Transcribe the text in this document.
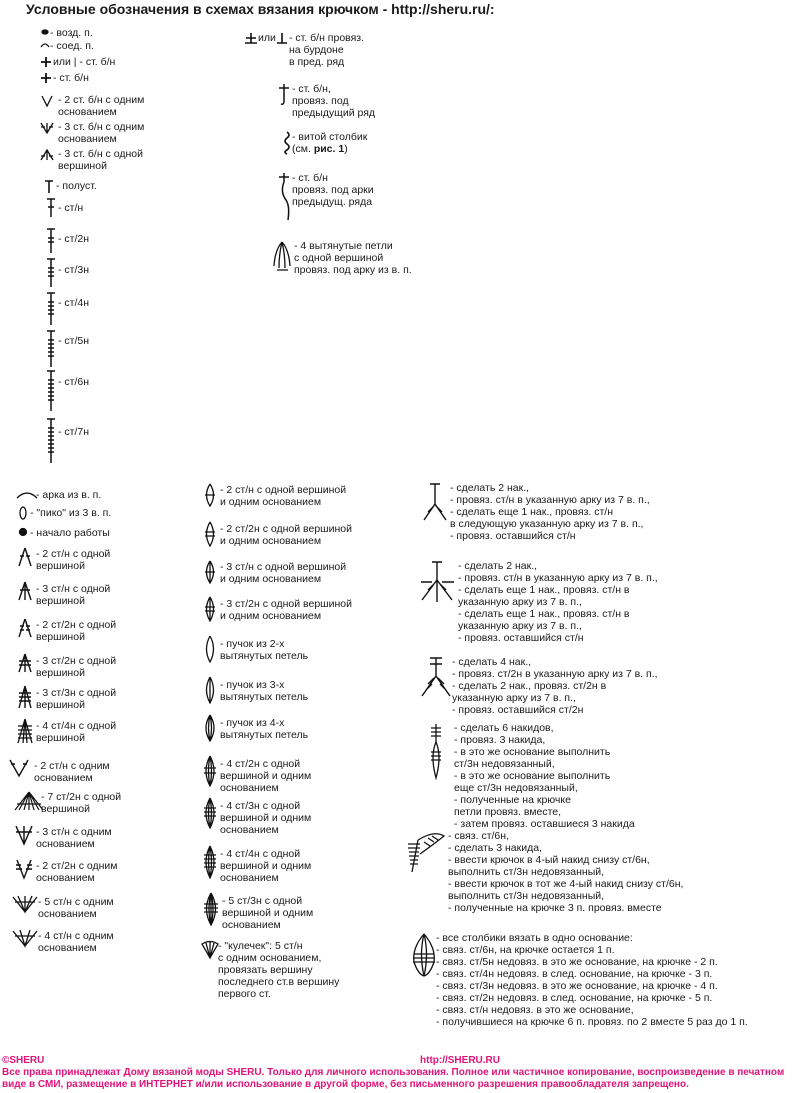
Условные обозначения в схемах вязания крючком - http://sheru.ru/:
- возд. п.
- соед. п.
или | - ст. б/н
- ст. б/н
- 2 ст. б/н с одним
основанием
- 3 ст. б/н с одним
основанием
- 3 ст. б/н с одной
вершиной
- полуст.
- ст/н
- ст/2н
- ст/3н
- ст/4н
- ст/5н
- ст/6н
- ст/7н
или - ст. б/н провяз.
на бурдоне
в пред. ряд
- ст. б/н,
провяз. под
предыдущий ряд
- витой столбик
(см. рис. 1)
- ст. б/н
провяз. под арки
предыдущ. ряда
- 4 вытянутые петли
с одной вершиной
провяз. под арку из в. п.
- арка из в. п.
- "пико" из 3 в. п.
- начало работы
- 2 ст/н с одной
вершиной
- 3 ст/н с одной
вершиной
- 2 ст/2н с одной
вершиной
- 3 ст/2н с одной
вершиной
- 3 ст/3н с одной
вершиной
- 4 ст/4н с одной
вершиной
- 2 ст/н с одним
основанием
- 7 ст/2н с одной
вершиной
- 3 ст/н с одним
основанием
- 2 ст/2н с одним
основанием
- 5 ст/н с одним
основанием
- 4 ст/н с одним
основанием
- 2 ст/н с одной вершиной
и одним основанием
- 2 ст/2н с одной вершиной
и одним основанием
- 3 ст/н с одной вершиной
и одним основанием
- 3 ст/2н с одной вершиной
и одним основанием
- пучок из 2-х
вытянутых петель
- пучок из 3-х
вытянутых петель
- пучок из 4-х
вытянутых петель
- 4 ст/2н с одной
вершиной и одним
основанием
- 4 ст/3н с одной
вершиной и одним
основанием
- 4 ст/4н с одной
вершиной и одним
основанием
- 5 ст/3н с одной
вершиной и одним
основанием
- "кулечек": 5 ст/н
с одним основанием,
провязать вершину
последнего ст.в вершину
первого ст.
- сделать 2 нак.,
- провяз. ст/н в указанную арку из 7 в. п.,
- сделать еще 1 нак., провяз. ст/н
в следующую указанную арку из 7 в. п.,
- провяз. оставшийся ст/н
- сделать 2 нак.,
- провяз. ст/н в указанную арку из 7 в. п.,
- сделать еще 1 нак., провяз. ст/н в
указанную арку из 7 в. п.,
- сделать еще 1 нак., провяз. ст/н в
указанную арку из 7 в. п.,
- провяз. оставшийся ст/н
- сделать 4 нак.,
- провяз. ст/2н в указанную арку из 7 в. п.,
- сделать 2 нак., провяз. ст/2н в
указанную арку из 7 в. п.,
- провяз. оставшийся ст/2н
- сделать 6 накидов,
- провяз. 3 накида,
- в это же основание выполнить
ст/3н недовязанный,
- в это же основание выполнить
еще ст/3н недовязанный,
- полученные на крючке
петли провяз. вместе,
- затем провяз. оставшиеся 3 накида
- связ. ст/6н,
- сделать 3 накида,
- ввести крючок в 4-ый накид снизу ст/6н,
выполнить ст/3н недовязанный,
- ввести крючок в тот же 4-ый накид снизу ст/6н,
выполнить ст/3н недовязанный,
- полученные на крючке 3 п. провяз. вместе
- все столбики вязать в одно основание:
- связ. ст/6н, на крючке остается 1 п.
- связ. ст/5н недовяз. в это же основание, на крючке - 2 п.
- связ. ст/4н недовяз. в след. основание, на крючке - 3 п.
- связ. ст/3н недовяз. в это же основание, на крючке - 4 п.
- связ. ст/2н недовяз. в след. основание, на крючке - 5 п.
- связ. ст/н недовяз. в это же основание,
- получившиеся на крючке 6 п. провяз. по 2 вместе 5 раз до 1 п.
©SHERU	http://SHERU.RU
Все права принадлежат Дому вязаной моды SHERU. Только для личного использования. Полное или частичное копирование, воспроизведение в печатном виде в СМИ, размещение в ИНТЕРНЕТ и/или использование в другой форме, без письменного разрешения правообладателя запрещено.
